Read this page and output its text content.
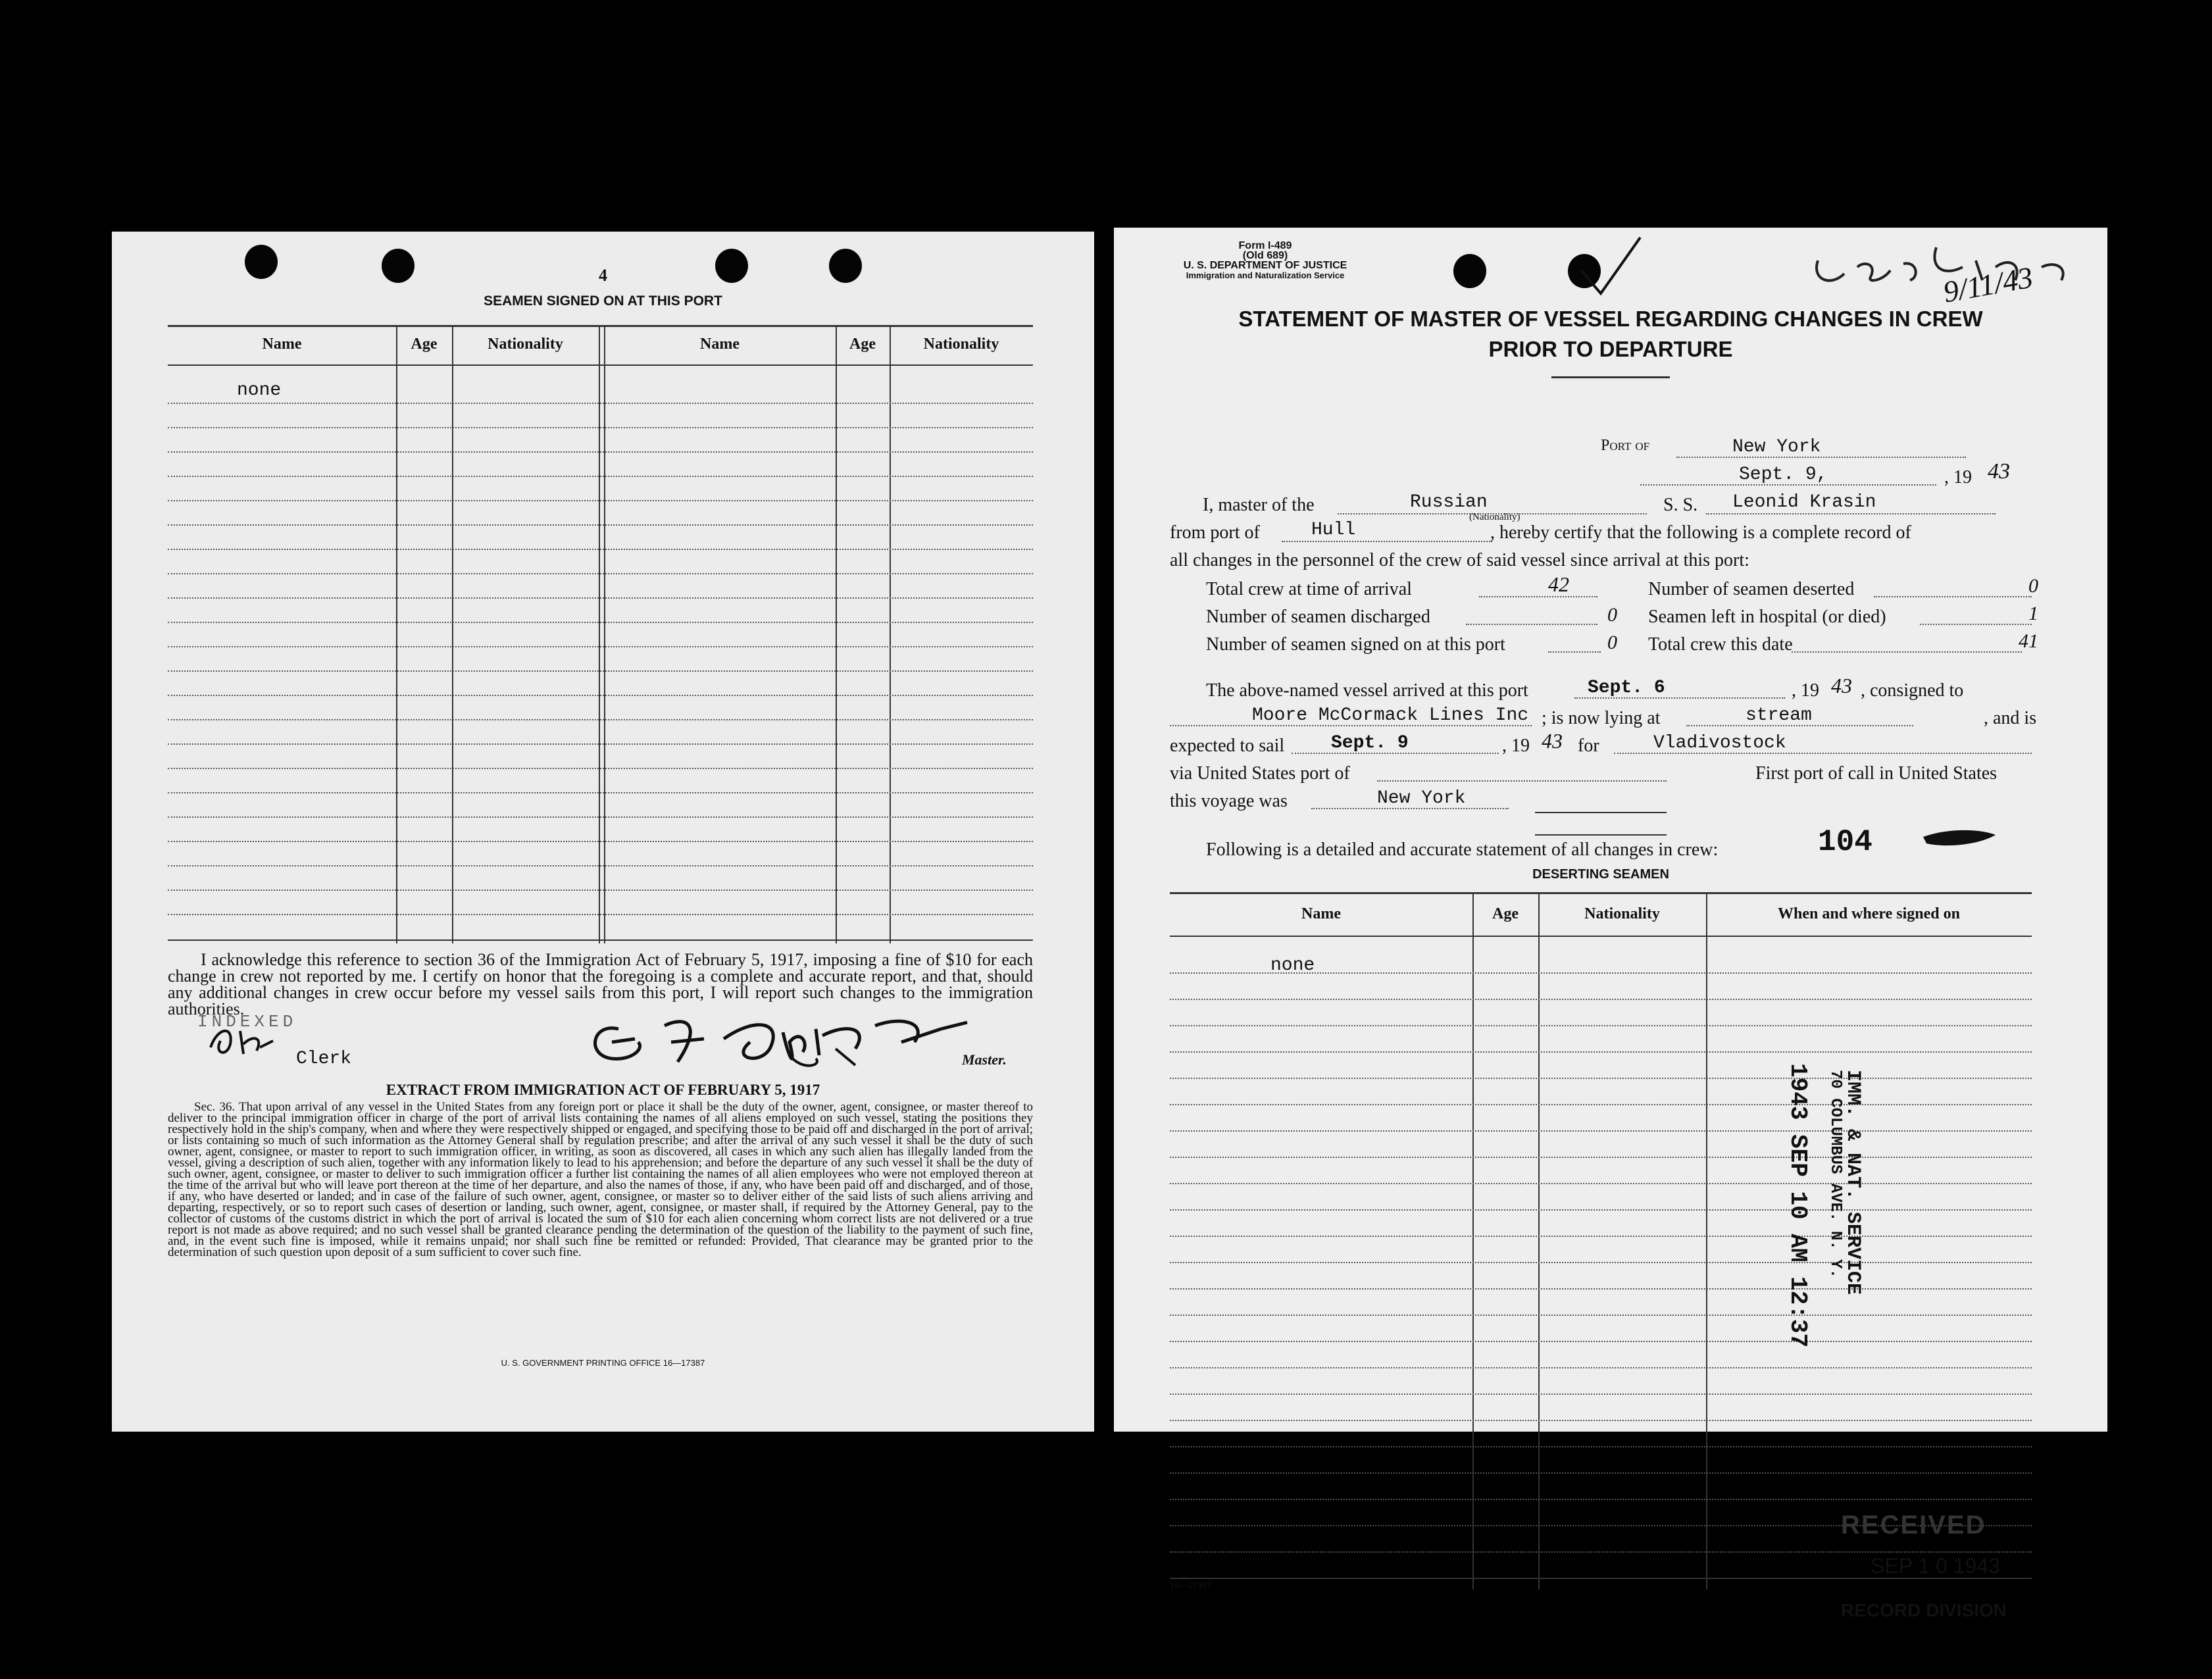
4
SEAMEN SIGNED ON AT THIS PORT
Name	Age	Nationality	Name	Age	Nationality
none
I acknowledge this reference to section 36 of the Immigration Act of February 5, 1917, imposing a fine of $10 for each change in crew not reported by me. I certify on honor that the foregoing is a complete and accurate report, and that, should any additional changes in crew occur before my vessel sails from this port, I will report such changes to the immigration authorities.
INDEXED
Clerk	Master.
EXTRACT FROM IMMIGRATION ACT OF FEBRUARY 5, 1917
Sec. 36. That upon arrival of any vessel in the United States from any foreign port or place it shall be the duty of the owner, agent, consignee, or master thereof to deliver to the principal immigration officer in charge of the port of arrival lists containing the names of all aliens employed on such vessel, stating the positions they respectively hold in the ship's company, when and where they were respectively shipped or engaged, and specifying those to be paid off and discharged in the port of arrival; or lists containing so much of such information as the Attorney General shall by regulation prescribe; and after the arrival of any such vessel it shall be the duty of such owner, agent, consignee, or master to report to such immigration officer, in writing, as soon as discovered, all cases in which any such alien has illegally landed from the vessel, giving a description of such alien, together with any information likely to lead to his apprehension; and before the departure of any such vessel it shall be the duty of such owner, agent, consignee, or master to deliver to such immigration officer a further list containing the names of all alien employees who were not employed thereon at the time of the arrival but who will leave port thereon at the time of her departure, and also the names of those, if any, who have been paid off and discharged, and of those, if any, who have deserted or landed; and in case of the failure of such owner, agent, consignee, or master so to deliver either of the said lists of such aliens arriving and departing, respectively, or so to report such cases of desertion or landing, such owner, agent, consignee, or master shall, if required by the Attorney General, pay to the collector of customs of the customs district in which the port of arrival is located the sum of $10 for each alien concerning whom correct lists are not delivered or a true report is not made as above required; and no such vessel shall be granted clearance pending the determination of the question of the liability to the payment of such fine, and, in the event such fine is imposed, while it remains unpaid; nor shall such fine be remitted or refunded: Provided, That clearance may be granted prior to the determination of such question upon deposit of a sum sufficient to cover such fine.
U. S. GOVERNMENT PRINTING OFFICE 16—17387
Form I-489
(Old 689)
U. S. DEPARTMENT OF JUSTICE
Immigration and Naturalization Service	9/11/43
STATEMENT OF MASTER OF VESSEL REGARDING CHANGES IN CREW
PRIOR TO DEPARTURE
Port of	New York
Sept. 9,	, 19 43
I, master of the	Russian
(Nationality)
S. S. Leonid Krasin
from port of	Hull	, hereby certify that the following is a complete record of
all changes in the personnel of the crew of said vessel since arrival at this port:
Total crew at time of arrival	42
Number of seamen discharged	0
Number of seamen signed on at this port	0
Number of seamen deserted	0
Seamen left in hospital (or died)	1
Total crew this date	41
The above-named vessel arrived at this port	Sept. 6	, 19 43 , consigned to
Moore McCormack Lines Inc ; is now lying at	stream	, and is
expected to sail	Sept. 9	, 19 43 for	Vladivostock
via United States port of	First port of call in United States
this voyage was	New York
Following is a detailed and accurate statement of all changes in crew:	104
DESERTING SEAMEN
Name	Age	Nationality	When and where signed on
none
IMM. & NAT. SERVICE
70 COLUMBUS AVE. N. Y.
1943 SEP 10 AM 12:37
RECEIVED
SEP 1 0 1943
RECORD DIVISION
16—17387
